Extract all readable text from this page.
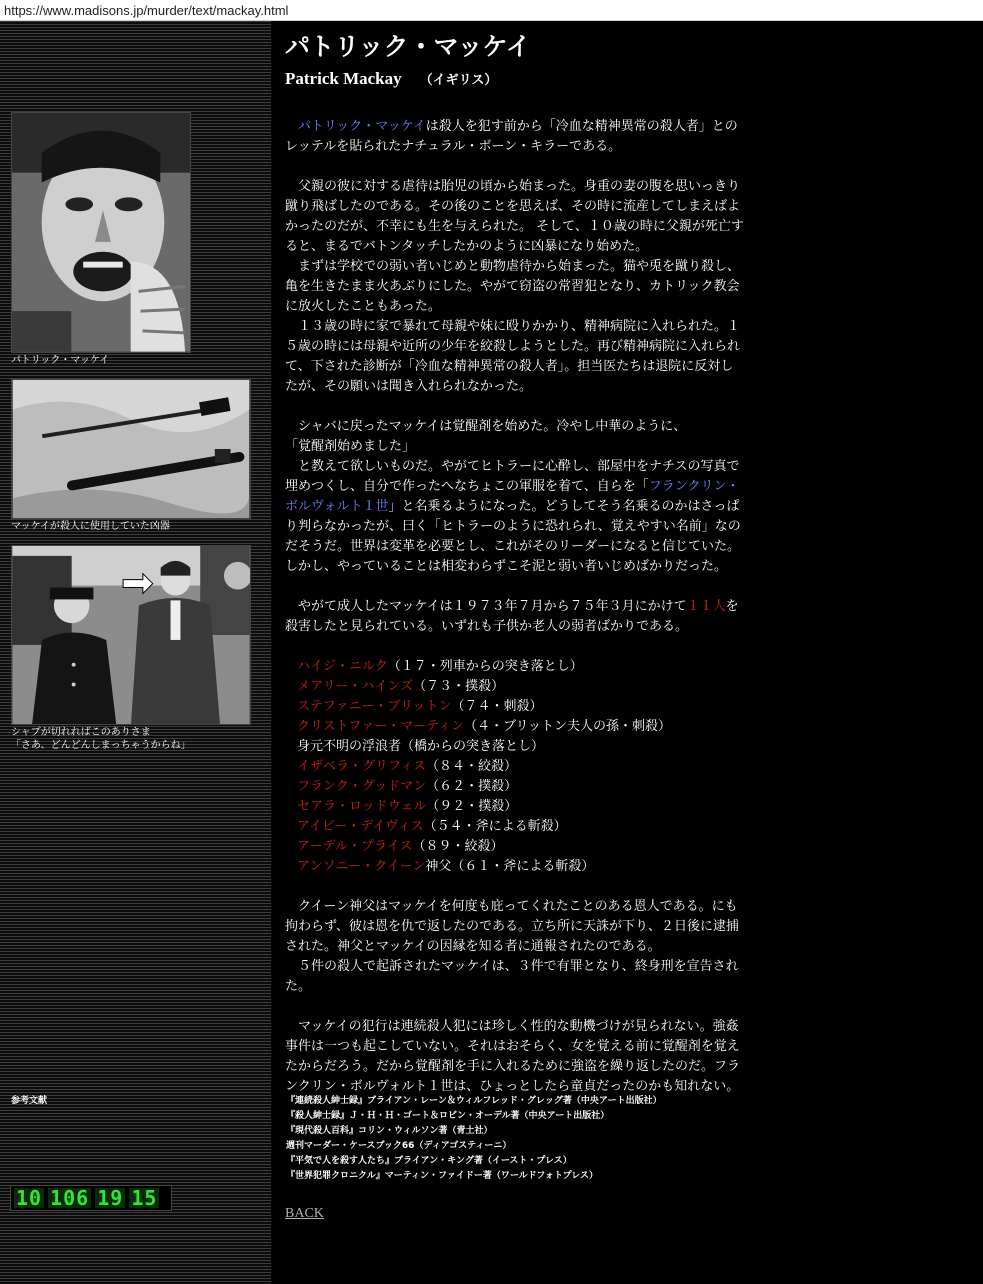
https://www.madisons.jp/murder/text/mackay.html
パトリック・マッケイ
マッケイが殺人に使用していた凶器
シャブが切れればこのありさま
「さあ、どんどんしまっちゃうからね」
参考文献
10 106 19 15
パトリック・マッケイ
Patrick Mackay （イギリス）

パトリック・マッケイは殺人を犯す前から「冷血な精神異常の殺人者」とのレッテルを貼られたナチュラル・ボーン・キラーである。

父親の彼に対する虐待は胎児の頃から始まった。身重の妻の腹を思いっきり蹴り飛ばしたのである。その後のことを思えば、その時に流産してしまえばよかったのだが、不幸にも生を与えられた。 そして、１０歳の時に父親が死亡すると、まるでバトンタッチしたかのように凶暴になり始めた。

まずは学校での弱い者いじめと動物虐待から始まった。猫や兎を蹴り殺し、亀を生きたまま火あぶりにした。やがて窃盗の常習犯となり、カトリック教会に放火したこともあった。

１３歳の時に家で暴れて母親や妹に殴りかかり、精神病院に入れられた。１５歳の時には母親や近所の少年を絞殺しようとした。再び精神病院に入れられて、下された診断が「冷血な精神異常の殺人者」。担当医たちは退院に反対したが、その願いは聞き入れられなかった。

シャバに戻ったマッケイは覚醒剤を始めた。冷やし中華のように、

「覚醒剤始めました」

と教えて欲しいものだ。やがてヒトラーに心酔し、部屋中をナチスの写真で埋めつくし、自分で作ったへなちょこの軍服を着て、自らを「フランクリン・ボルヴォルト１世」と名乗るようになった。どうしてそう名乗るのかはさっぱり判らなかったが、曰く「ヒトラーのように恐れられ、覚えやすい名前」なのだそうだ。世界は変革を必要とし、これがそのリーダーになると信じていた。しかし、やっていることは相変わらずこそ泥と弱い者いじめばかりだった。

やがて成人したマッケイは１９７３年７月から７５年３月にかけて１１人を殺害したと見られている。いずれも子供か老人の弱者ばかりである。

ハイジ・ニルク（１７・列車からの突き落とし）
メアリー・ハインズ（７３・撲殺）
ステファニー・ブリットン（７４・刺殺）
クリストファー・マーティン（４・ブリットン夫人の孫・刺殺）
身元不明の浮浪者（橋からの突き落とし）
イザベラ・グリフィス（８４・絞殺）
フランク・グッドマン（６２・撲殺）
セアラ・ロッドウェル（９２・撲殺）
アイビー・デイヴィス（５４・斧による斬殺）
アーデル・プライス（８９・絞殺）
アンソニー・クイーン神父（６１・斧による斬殺）

クイーン神父はマッケイを何度も庇ってくれたことのある恩人である。にも拘わらず、彼は恩を仇で返したのである。立ち所に天誅が下り、２日後に逮捕された。神父とマッケイの因縁を知る者に通報されたのである。

５件の殺人で起訴されたマッケイは、３件で有罪となり、終身刑を宣告された。

マッケイの犯行は連続殺人犯には珍しく性的な動機づけが見られない。強姦事件は一つも起こしていない。それはおそらく、女を覚える前に覚醒剤を覚えたからだろう。だから覚醒剤を手に入れるために強盗を繰り返したのだ。フランクリン・ボルヴォルト１世は、ひょっとしたら童貞だったのかも知れない。

『連続殺人紳士録』ブライアン・レーン＆ウィルフレッド・グレッグ著（中央アート出版社）
『殺人紳士録』Ｊ・Ｈ・Ｈ・ゴート＆ロビン・オーデル著（中央アート出版社）
『現代殺人百科』コリン・ウィルソン著（青土社）
週刊マーダー・ケースブック66（ディアゴスティーニ）
『平気で人を殺す人たち』ブライアン・キング著（イースト・プレス）
『世界犯罪クロニクル』マーティン・ファイドー著（ワールドフォトプレス）
BACK
